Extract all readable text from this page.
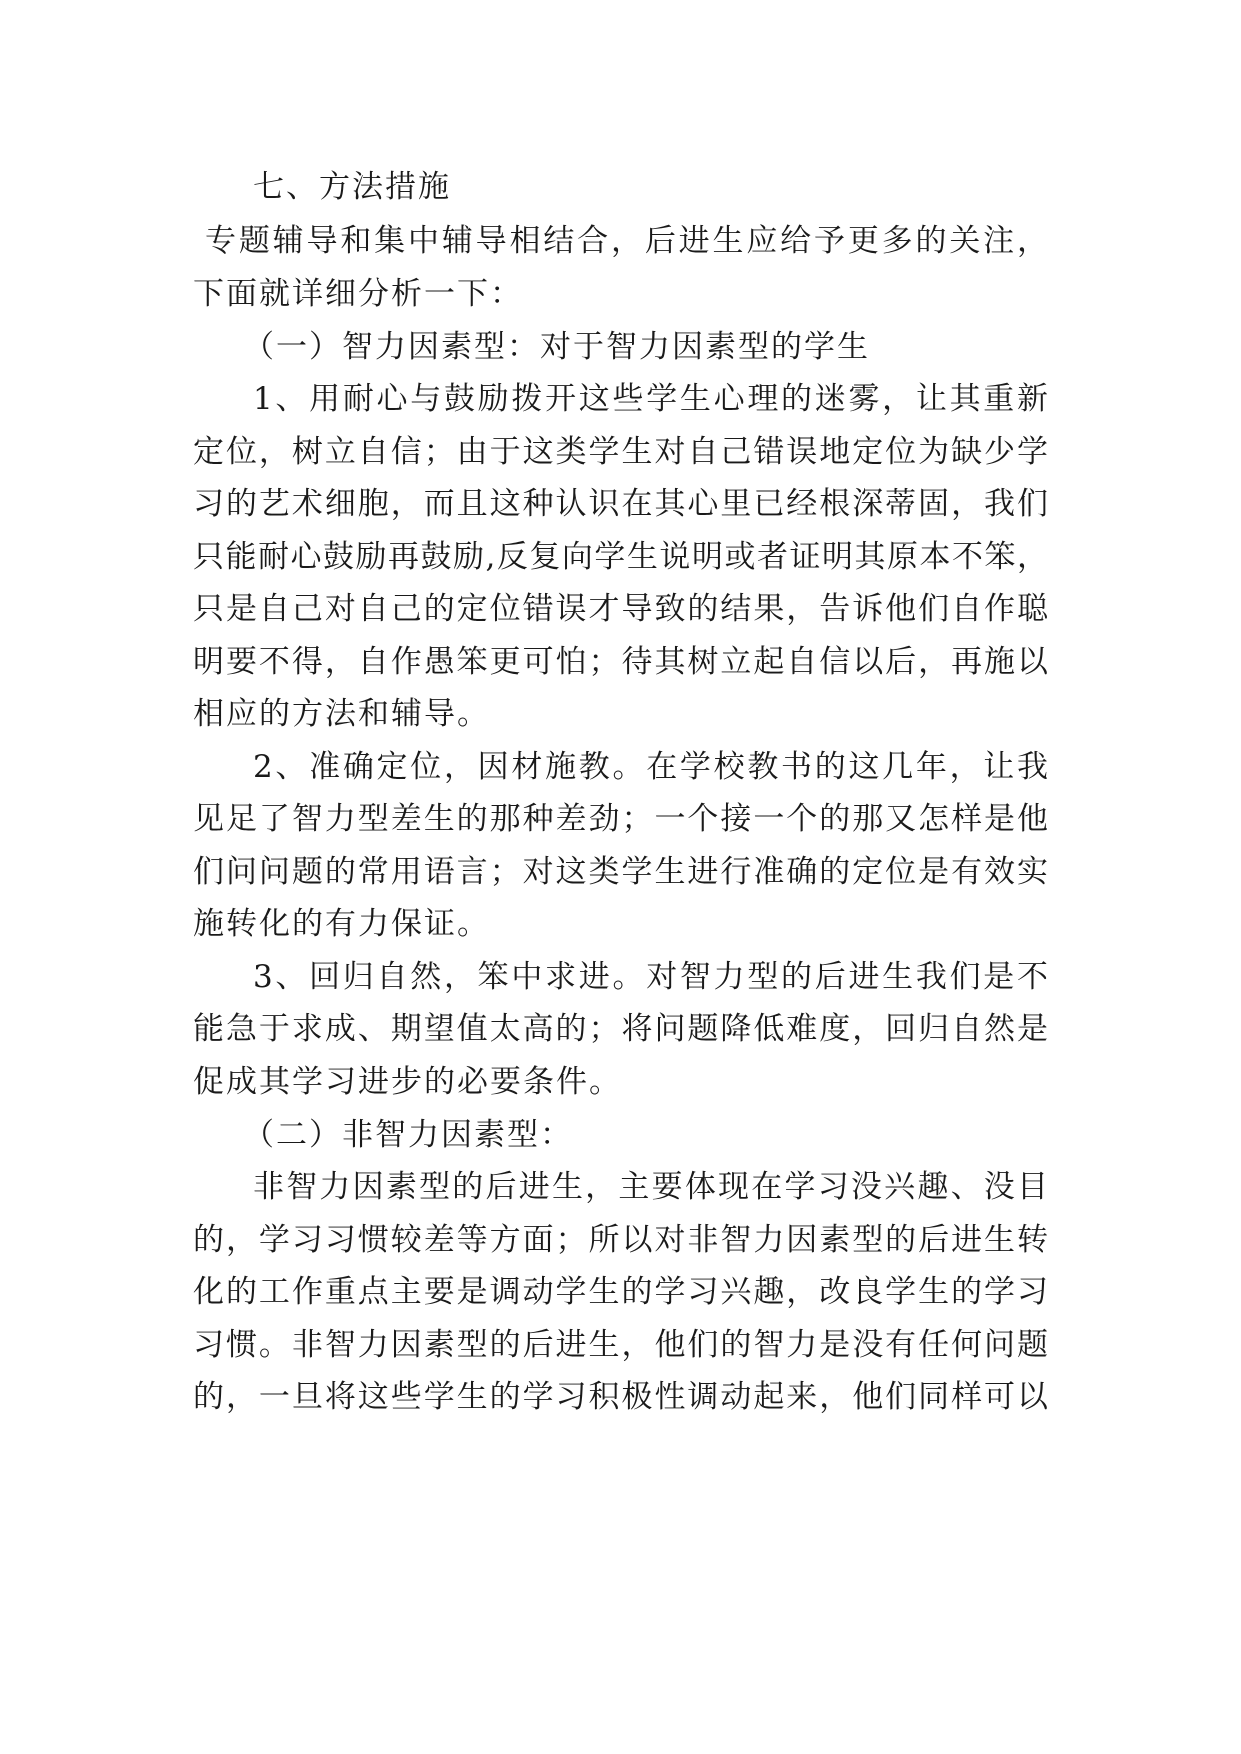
七、方法措施
专题辅导和集中辅导相结合，后进生应给予更多的关注，
下面就详细分析一下：
（一）智力因素型：对于智力因素型的学生
1、用耐心与鼓励拨开这些学生心理的迷雾，让其重新
定位，树立自信；由于这类学生对自己错误地定位为缺少学
习的艺术细胞，而且这种认识在其心里已经根深蒂固，我们
只能耐心鼓励再鼓励,反复向学生说明或者证明其原本不笨，
只是自己对自己的定位错误才导致的结果，告诉他们自作聪
明要不得，自作愚笨更可怕；待其树立起自信以后，再施以
相应的方法和辅导。
2、准确定位，因材施教。在学校教书的这几年，让我
见足了智力型差生的那种差劲；一个接一个的那又怎样是他
们问问题的常用语言；对这类学生进行准确的定位是有效实
施转化的有力保证。
3、回归自然，笨中求进。对智力型的后进生我们是不
能急于求成、期望值太高的；将问题降低难度，回归自然是
促成其学习进步的必要条件。
（二）非智力因素型：
非智力因素型的后进生，主要体现在学习没兴趣、没目
的，学习习惯较差等方面；所以对非智力因素型的后进生转
化的工作重点主要是调动学生的学习兴趣，改良学生的学习
习惯。非智力因素型的后进生，他们的智力是没有任何问题
的，一旦将这些学生的学习积极性调动起来，他们同样可以
